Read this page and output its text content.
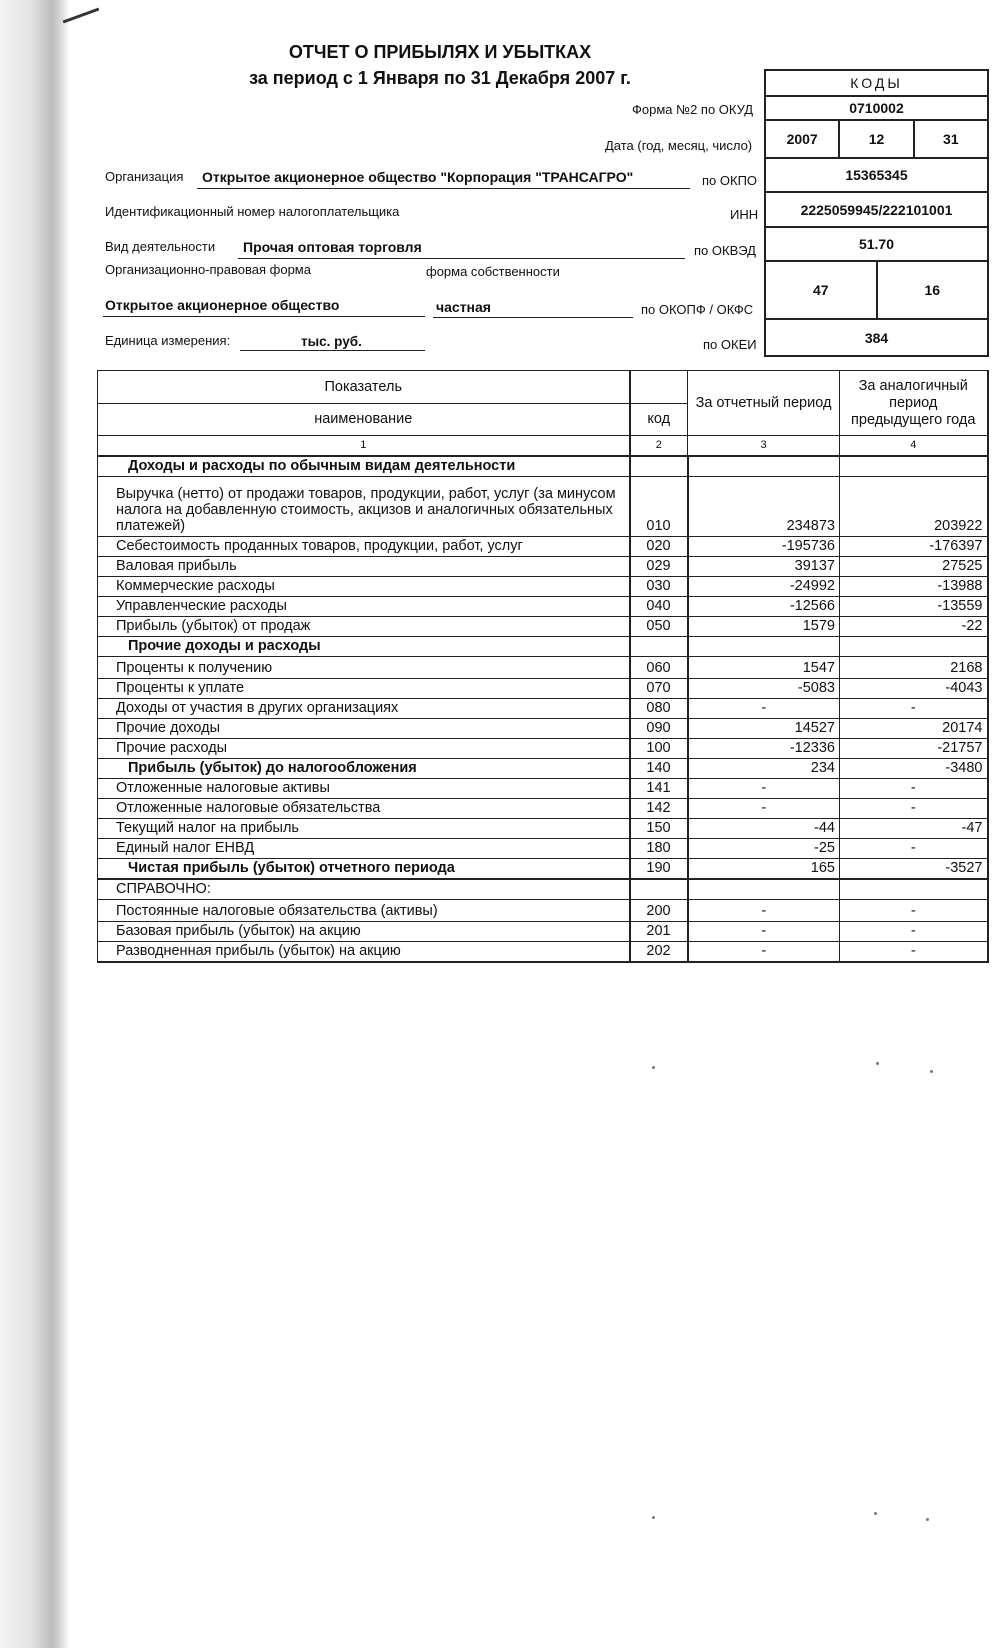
ОТЧЕТ О ПРИБЫЛЯХ И УБЫТКАХ
за период с 1 Января по 31 Декабря 2007 г.
Форма №2 по ОКУД
Дата (год, месяц, число)
Организация Открытое акционерное общество "Корпорация "ТРАНСАГРО"	по ОКПО
Идентификационный номер налогоплательщика	ИНН
Вид деятельности Прочая оптовая торговля	по ОКВЭД
Организационно-правовая форма	форма собственности
Открытое акционерное общество	частная	по ОКОПФ / ОКФС
Единица измерения:	тыс. руб.	по ОКЕИ
КОДЫ
0710002
2007	12	31
15365345
2225059945/222101001
51.70
47	16
384
Показатель		За отчетный период	За аналогичный период предыдущего года
наименование	код		
1	2	3	4
Доходы и расходы по обычным видам деятельности			
Выручка (нетто) от продажи товаров, продукции, работ, услуг (за минусом налога на добавленную стоимость, акцизов и аналогичных обязательных платежей)	010	234873	203922
Себестоимость проданных товаров, продукции, работ, услуг	020	-195736	-176397
Валовая прибыль	029	39137	27525
Коммерческие расходы	030	-24992	-13988
Управленческие расходы	040	-12566	-13559
Прибыль (убыток) от продаж	050	1579	-22
Прочие доходы и расходы			
Проценты к получению	060	1547	2168
Проценты к уплате	070	-5083	-4043
Доходы от участия в других организациях	080	-	-
Прочие доходы	090	14527	20174
Прочие расходы	100	-12336	-21757
Прибыль (убыток) до налогообложения	140	234	-3480
Отложенные налоговые активы	141	-	-
Отложенные налоговые обязательства	142	-	-
Текущий налог на прибыль	150	-44	-47
Единый налог ЕНВД	180	-25	-
Чистая прибыль (убыток) отчетного периода	190	165	-3527
СПРАВОЧНО:			
Постоянные налоговые обязательства (активы)	200	-	-
Базовая прибыль (убыток) на акцию	201	-	-
Разводненная прибыль (убыток) на акцию	202	-	-
